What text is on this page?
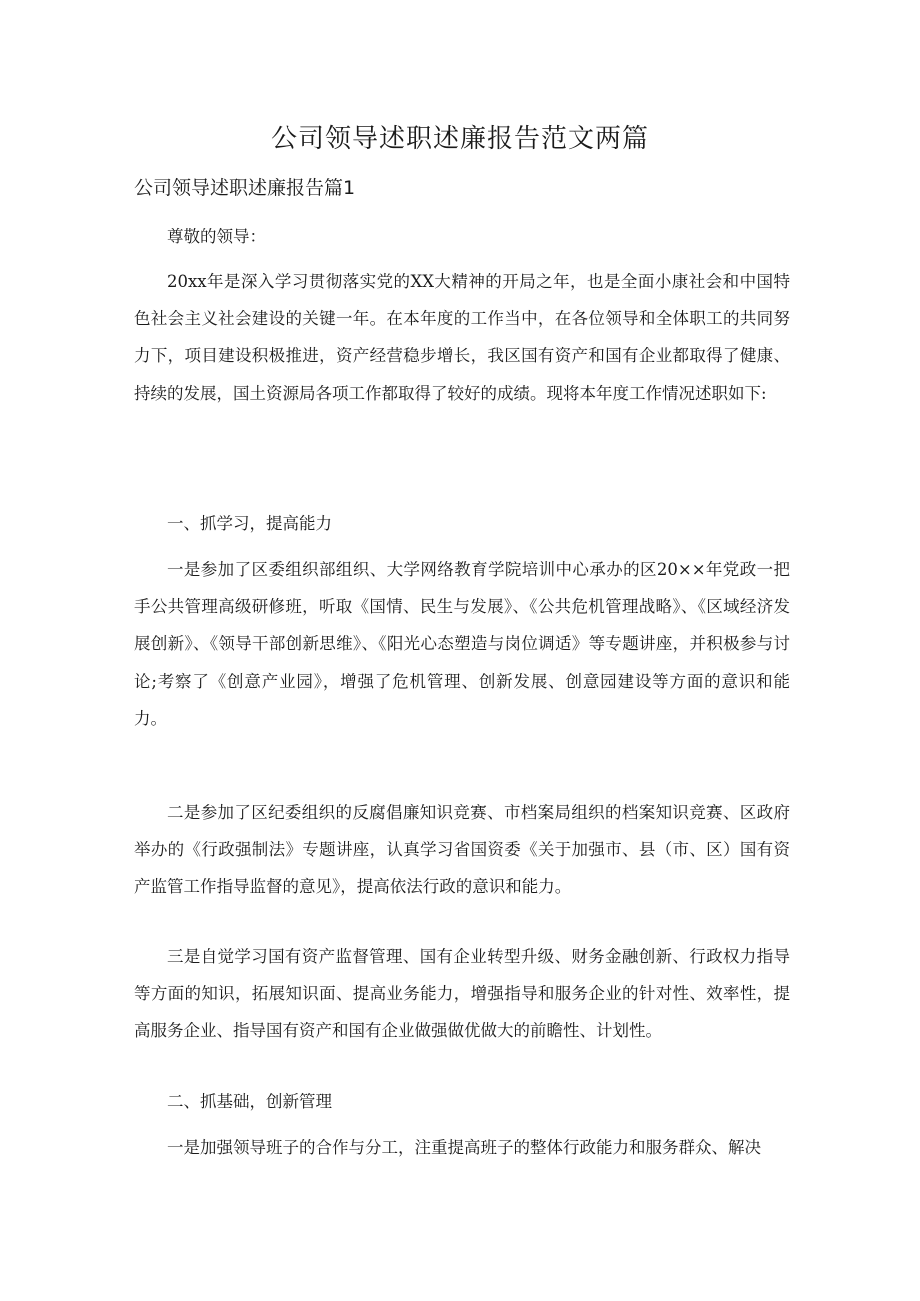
公司领导述职述廉报告范文两篇
公司领导述职述廉报告篇1

尊敬的领导：

20xx年是深入学习贯彻落实党的XX大精神的开局之年，也是全面小康社会和中国特色社会主义社会建设的关键一年。在本年度的工作当中，在各位领导和全体职工的共同努力下，项目建设积极推进，资产经营稳步增长，我区国有资产和国有企业都取得了健康、持续的发展，国土资源局各项工作都取得了较好的成绩。现将本年度工作情况述职如下:

一、抓学习，提高能力

一是参加了区委组织部组织、大学网络教育学院培训中心承办的区20××年党政一把手公共管理高级研修班，听取《国情、民生与发展》、《公共危机管理战略》、《区域经济发展创新》、《领导干部创新思维》、《阳光心态塑造与岗位调适》等专题讲座，并积极参与讨论;考察了《创意产业园》，增强了危机管理、创新发展、创意园建设等方面的意识和能力。

二是参加了区纪委组织的反腐倡廉知识竞赛、市档案局组织的档案知识竞赛、区政府举办的《行政强制法》专题讲座，认真学习省国资委《关于加强市、县（市、区）国有资产监管工作指导监督的意见》，提高依法行政的意识和能力。

三是自觉学习国有资产监督管理、国有企业转型升级、财务金融创新、行政权力指导等方面的知识，拓展知识面、提高业务能力，增强指导和服务企业的针对性、效率性，提高服务企业、指导国有资产和国有企业做强做优做大的前瞻性、计划性。

二、抓基础，创新管理

一是加强领导班子的合作与分工，注重提高班子的整体行政能力和服务群众、解决
